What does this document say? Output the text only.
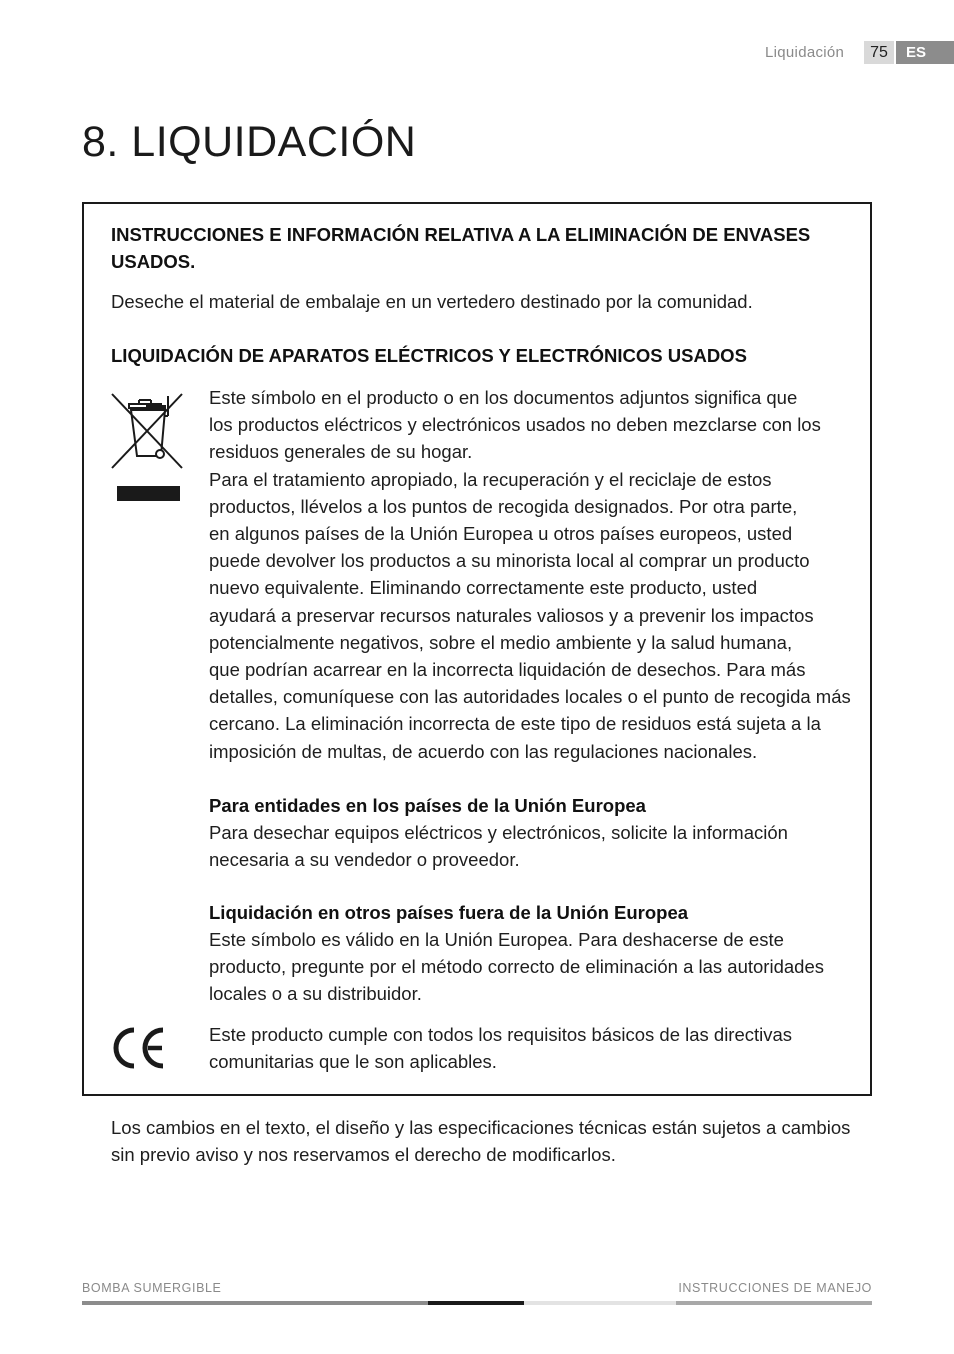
Liquidación	75	ES
8. LIQUIDACIÓN
INSTRUCCIONES E INFORMACIÓN RELATIVA A LA ELIMINACIÓN DE ENVASES USADOS.

Deseche el material de embalaje en un vertedero destinado por la comunidad.

LIQUIDACIÓN DE APARATOS ELÉCTRICOS Y ELECTRÓNICOS USADOS

Este símbolo en el producto o en los documentos adjuntos significa que
los productos eléctricos y electrónicos usados no deben mezclarse con los
residuos generales de su hogar.
Para el tratamiento apropiado, la recuperación y el reciclaje de estos
productos, llévelos a los puntos de recogida designados. Por otra parte,
en algunos países de la Unión Europea u otros países europeos, usted
puede devolver los productos a su minorista local al comprar un producto
nuevo equivalente. Eliminando correctamente este producto, usted
ayudará a preservar recursos naturales valiosos y a prevenir los impactos
potencialmente negativos, sobre el medio ambiente y la salud humana,
que podrían acarrear en la incorrecta liquidación de desechos. Para más
detalles, comuníquese con las autoridades locales o el punto de recogida más
cercano. La eliminación incorrecta de este tipo de residuos está sujeta a la
imposición de multas, de acuerdo con las regulaciones nacionales.

Para entidades en los países de la Unión Europea

Para desechar equipos eléctricos y electrónicos, solicite la información
necesaria a su vendedor o proveedor.

Liquidación en otros países fuera de la Unión Europea

Este símbolo es válido en la Unión Europea. Para deshacerse de este
producto, pregunte por el método correcto de eliminación a las autoridades
locales o a su distribuidor.

Este producto cumple con todos los requisitos básicos de las directivas
comunitarias que le son aplicables.

Los cambios en el texto, el diseño y las especificaciones técnicas están sujetos a cambios
sin previo aviso y nos reservamos el derecho de modificarlos.

BOMBA SUMERGIBLE	INSTRUCCIONES DE MANEJO
